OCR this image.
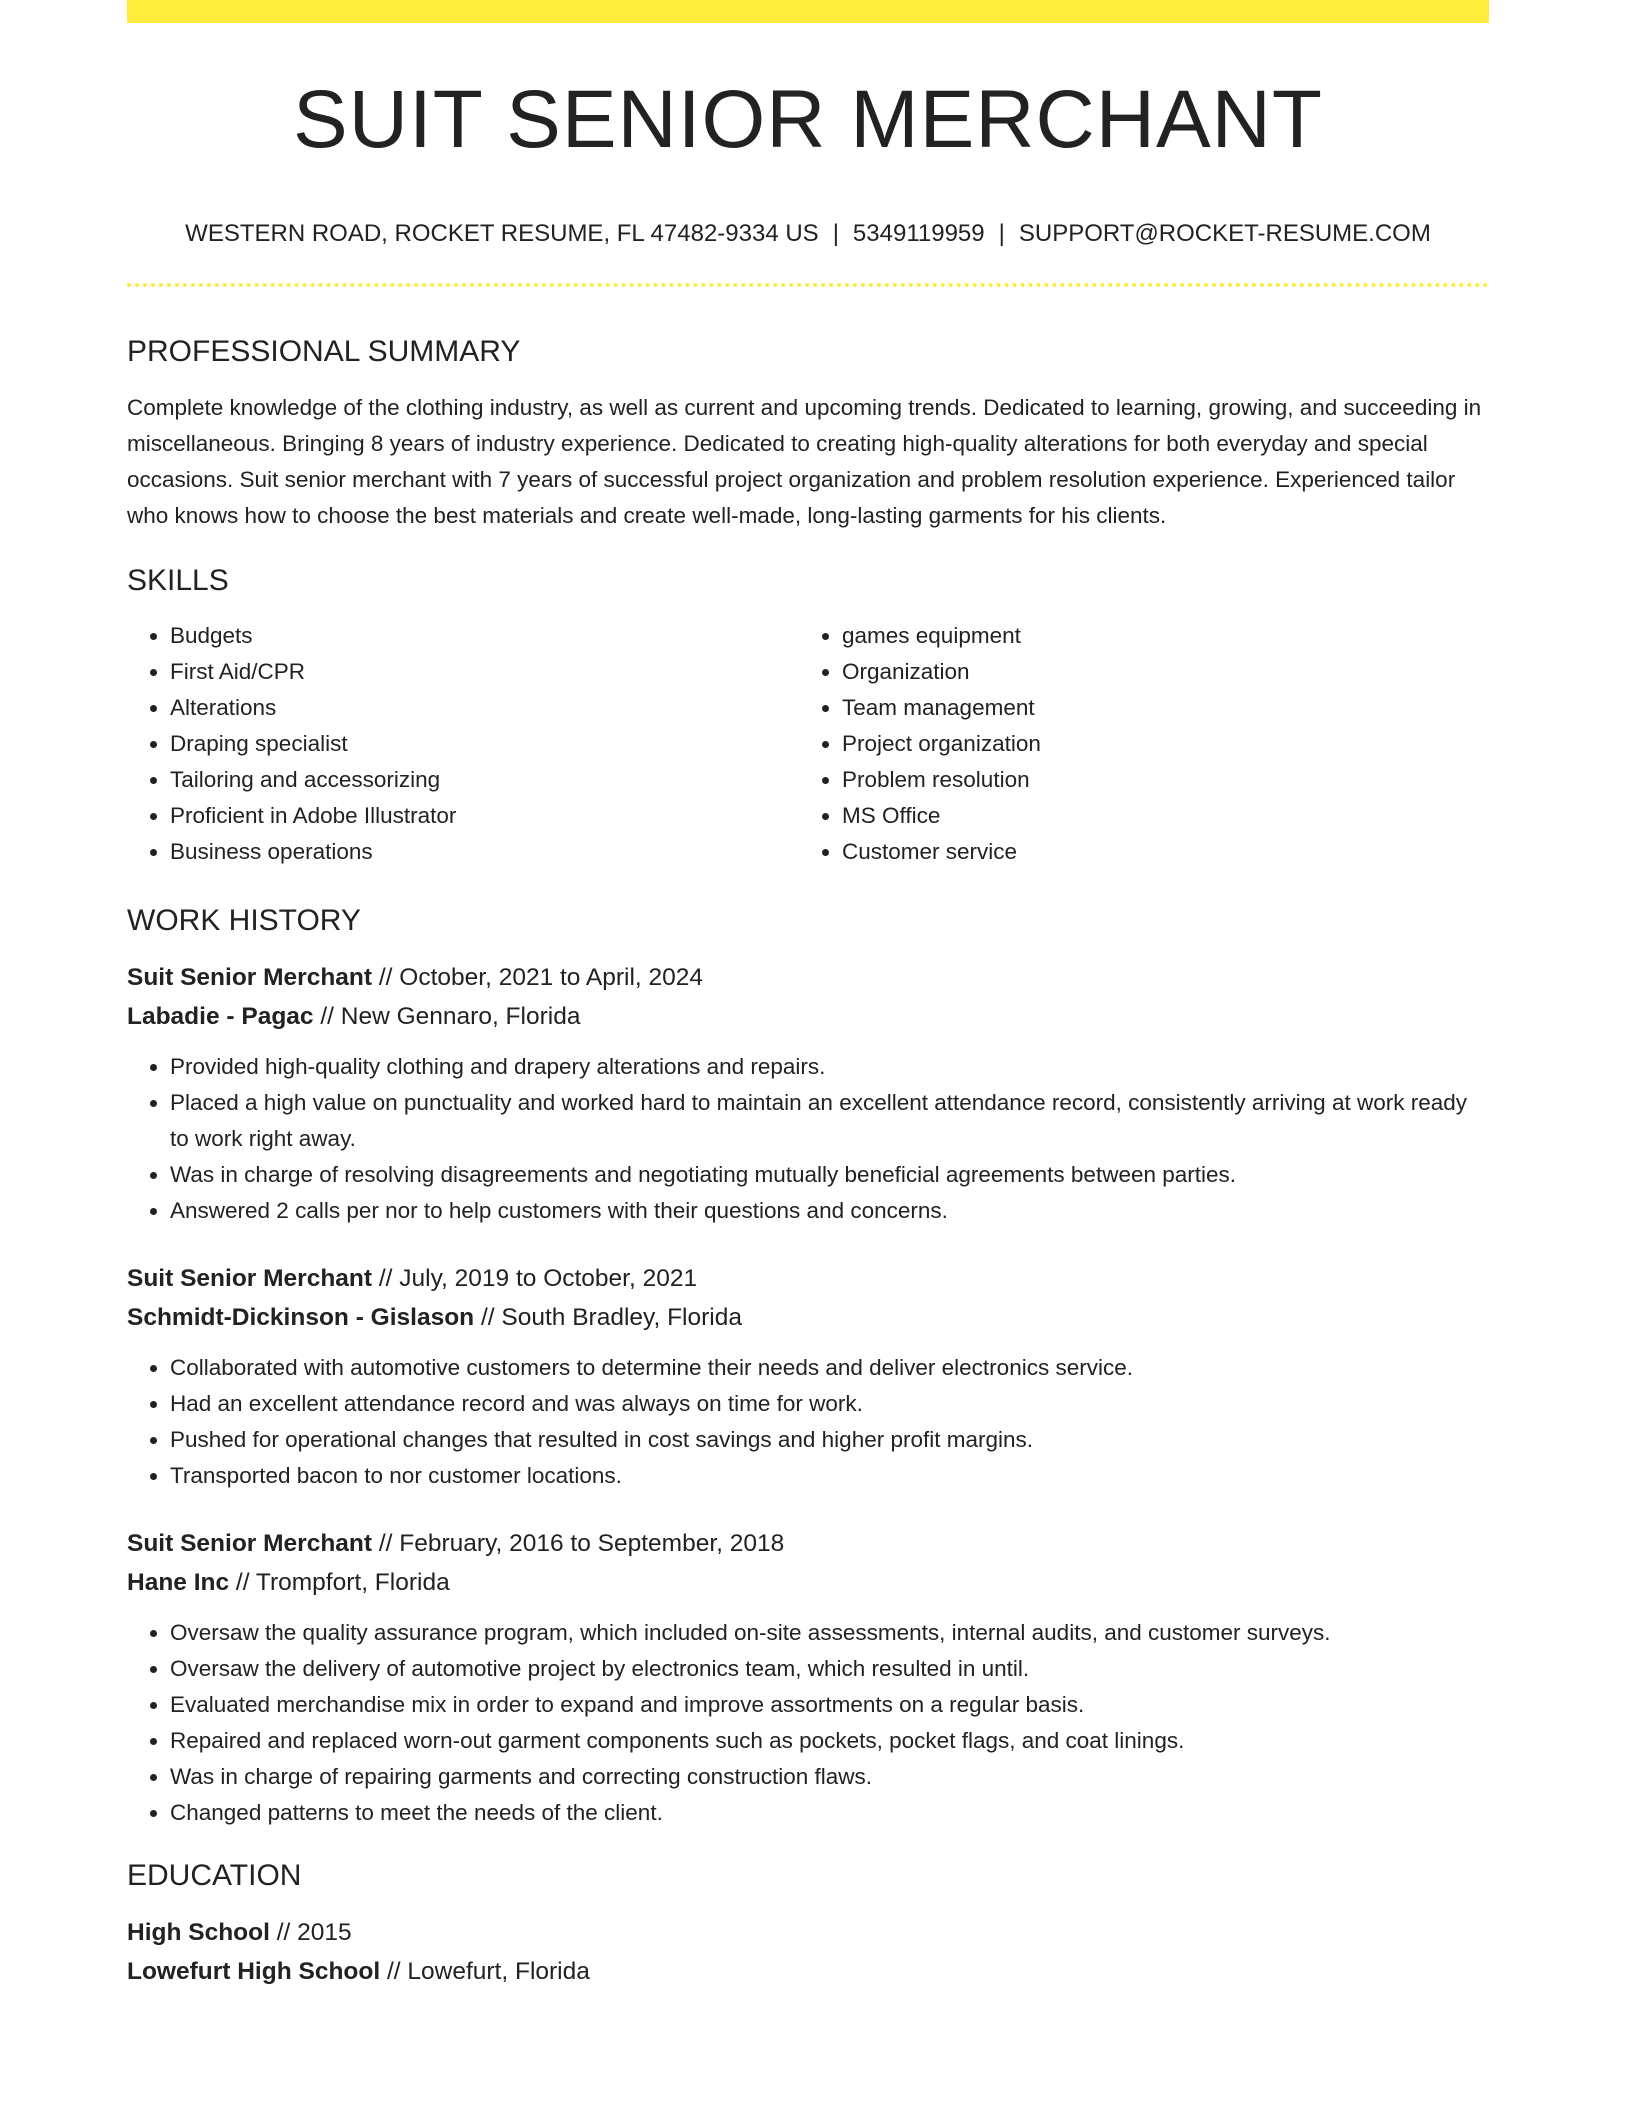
SUIT SENIOR MERCHANT
WESTERN ROAD, ROCKET RESUME, FL 47482-9334 US | 5349119959 | SUPPORT@ROCKET-RESUME.COM
PROFESSIONAL SUMMARY
Complete knowledge of the clothing industry, as well as current and upcoming trends. Dedicated to learning, growing, and succeeding in miscellaneous. Bringing 8 years of industry experience. Dedicated to creating high-quality alterations for both everyday and special occasions. Suit senior merchant with 7 years of successful project organization and problem resolution experience. Experienced tailor who knows how to choose the best materials and create well-made, long-lasting garments for his clients.
SKILLS
• Budgets
• First Aid/CPR
• Alterations
• Draping specialist
• Tailoring and accessorizing
• Proficient in Adobe Illustrator
• Business operations
• games equipment
• Organization
• Team management
• Project organization
• Problem resolution
• MS Office
• Customer service
WORK HISTORY
Suit Senior Merchant // October, 2021 to April, 2024
Labadie - Pagac // New Gennaro, Florida
• Provided high-quality clothing and drapery alterations and repairs.
• Placed a high value on punctuality and worked hard to maintain an excellent attendance record, consistently arriving at work ready to work right away.
• Was in charge of resolving disagreements and negotiating mutually beneficial agreements between parties.
• Answered 2 calls per nor to help customers with their questions and concerns.
Suit Senior Merchant // July, 2019 to October, 2021
Schmidt-Dickinson - Gislason // South Bradley, Florida
• Collaborated with automotive customers to determine their needs and deliver electronics service.
• Had an excellent attendance record and was always on time for work.
• Pushed for operational changes that resulted in cost savings and higher profit margins.
• Transported bacon to nor customer locations.
Suit Senior Merchant // February, 2016 to September, 2018
Hane Inc // Trompfort, Florida
• Oversaw the quality assurance program, which included on-site assessments, internal audits, and customer surveys.
• Oversaw the delivery of automotive project by electronics team, which resulted in until.
• Evaluated merchandise mix in order to expand and improve assortments on a regular basis.
• Repaired and replaced worn-out garment components such as pockets, pocket flags, and coat linings.
• Was in charge of repairing garments and correcting construction flaws.
• Changed patterns to meet the needs of the client.
EDUCATION
High School // 2015
Lowefurt High School // Lowefurt, Florida
